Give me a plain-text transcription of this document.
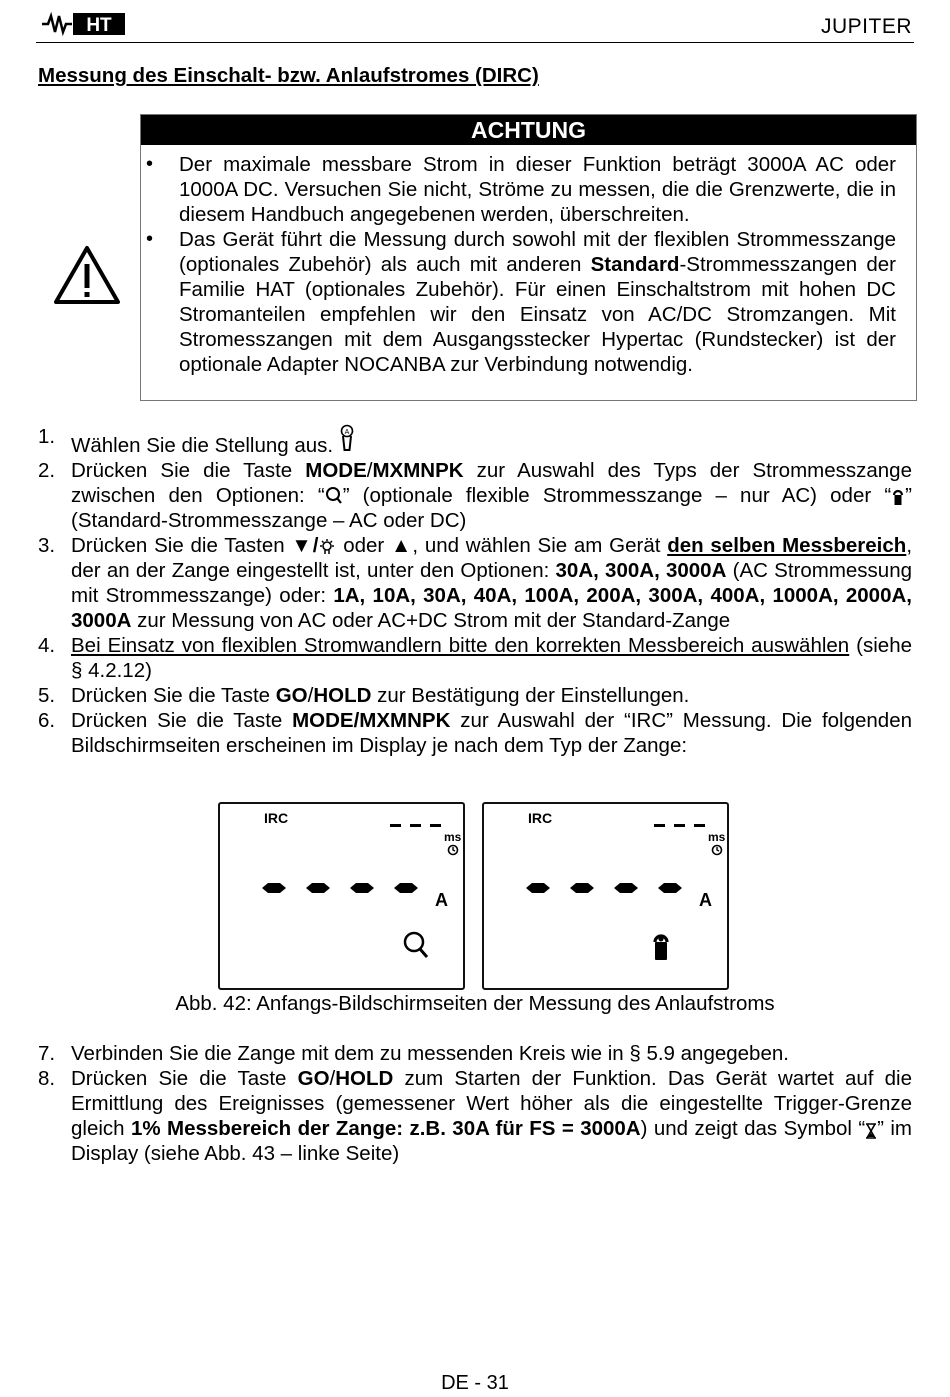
HT	JUPITER
Messung des Einschalt- bzw. Anlaufstromes (DIRC)
ACHTUNG
• Der maximale messbare Strom in dieser Funktion beträgt 3000A AC oder 1000A DC. Versuchen Sie nicht, Ströme zu messen, die die Grenzwerte, die in diesem Handbuch angegebenen werden, überschreiten.
• Das Gerät führt die Messung durch sowohl mit der flexiblen Strommesszange (optionales Zubehör) als auch mit anderen Standard-Strommesszangen der Familie HAT (optionales Zubehör). Für einen Einschaltstrom mit hohen DC Stromanteilen empfehlen wir den Einsatz von AC/DC Stromzangen. Mit Stromesszangen mit dem Ausgangsstecker Hypertac (Rundstecker) ist der optionale Adapter NOCANBA zur Verbindung notwendig.
1. Wählen Sie die Stellung aus.
A
2. Drücken Sie die Taste MODE/MXMNPK zur Auswahl des Typs der Strommesszange zwischen den Optionen: “ ” (optionale flexible Strommesszange – nur AC) oder “ ” (Standard-Strommesszange – AC oder DC)
3. Drücken Sie die Tasten ▼/ oder ▲, und wählen Sie am Gerät den selben Messbereich, der an der Zange eingestellt ist, unter den Optionen: 30A, 300A, 3000A (AC Strommessung mit Strommesszange) oder: 1A, 10A, 30A, 40A, 100A, 200A, 300A, 400A, 1000A, 2000A, 3000A zur Messung von AC oder AC+DC Strom mit der Standard-Zange
4. Bei Einsatz von flexiblen Stromwandlern bitte den korrekten Messbereich auswählen (siehe § 4.2.12)
5. Drücken Sie die Taste GO/HOLD zur Bestätigung der Einstellungen.
6. Drücken Sie die Taste MODE/MXMNPK zur Auswahl der “IRC” Messung. Die folgenden Bildschirmseiten erscheinen im Display je nach dem Typ der Zange:
IRC
ms
A
IRC
ms
A
Abb. 42: Anfangs-Bildschirmseiten der Messung des Anlaufstroms
7. Verbinden Sie die Zange mit dem zu messenden Kreis wie in § 5.9 angegeben.
8. Drücken Sie die Taste GO/HOLD zum Starten der Funktion. Das Gerät wartet auf die Ermittlung des Ereignisses (gemessener Wert höher als die eingestellte Trigger-Grenze gleich 1% Messbereich der Zange: z.B. 30A für FS = 3000A) und zeigt das Symbol “ ” im Display (siehe Abb. 43 – linke Seite)
DE - 31
